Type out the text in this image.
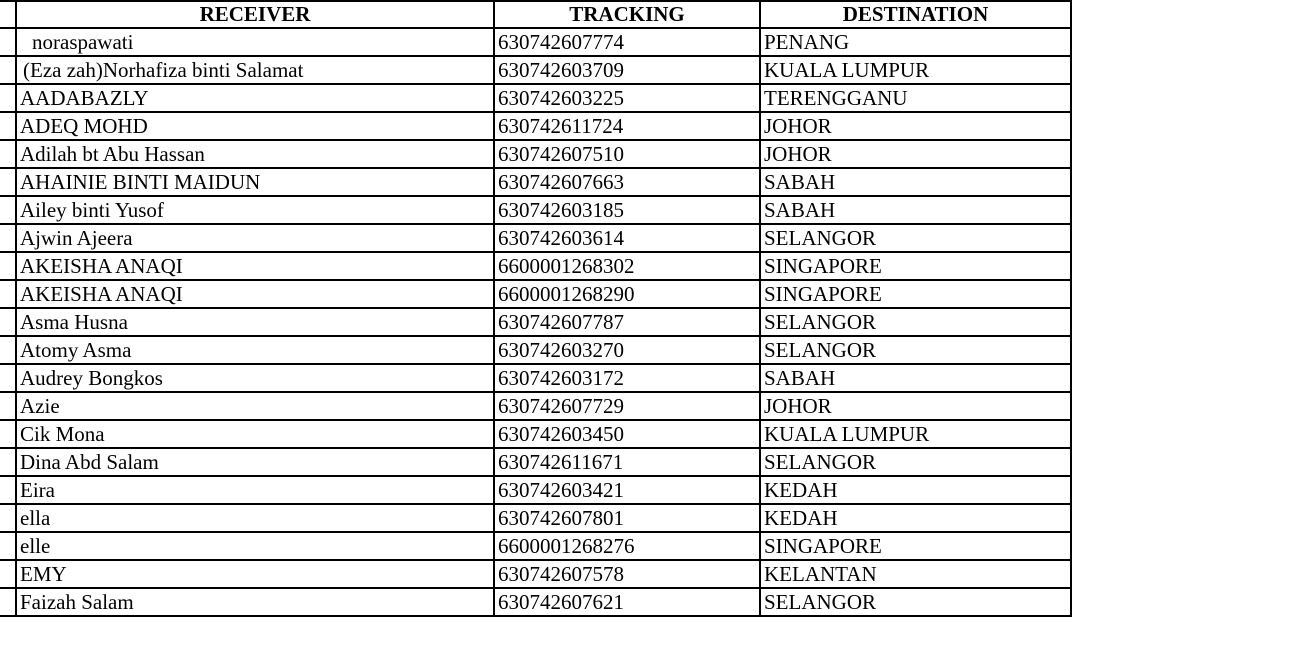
	RECEIVER	TRACKING	DESTINATION
	noraspawati	630742607774	PENANG
	(Eza zah)Norhafiza binti Salamat	630742603709	KUALA LUMPUR
	AADABAZLY	630742603225	TERENGGANU
	ADEQ MOHD	630742611724	JOHOR
	Adilah bt Abu Hassan	630742607510	JOHOR
	AHAINIE BINTI MAIDUN	630742607663	SABAH
	Ailey binti Yusof	630742603185	SABAH
	Ajwin Ajeera	630742603614	SELANGOR
	AKEISHA ANAQI	6600001268302	SINGAPORE
	AKEISHA ANAQI	6600001268290	SINGAPORE
	Asma Husna	630742607787	SELANGOR
	Atomy Asma	630742603270	SELANGOR
	Audrey Bongkos	630742603172	SABAH
	Azie	630742607729	JOHOR
	Cik Mona	630742603450	KUALA LUMPUR
	Dina Abd Salam	630742611671	SELANGOR
	Eira	630742603421	KEDAH
	ella	630742607801	KEDAH
	elle	6600001268276	SINGAPORE
	EMY	630742607578	KELANTAN
	Faizah Salam	630742607621	SELANGOR
